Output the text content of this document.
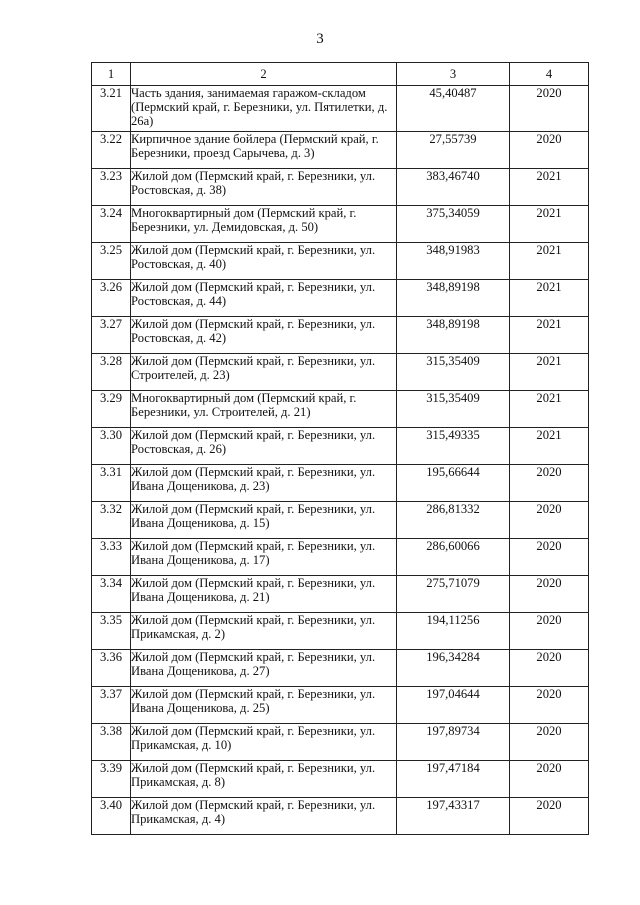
3
1	2	3	4
3.21	Часть здания, занимаемая гаражом-складом (Пермский край, г. Березники, ул. Пятилетки, д. 26а)	45,40487	2020
3.22	Кирпичное здание бойлера (Пермский край, г. Березники, проезд Сарычева, д. 3)	27,55739	2020
3.23	Жилой дом (Пермский край, г. Березники, ул. Ростовская, д. 38)	383,46740	2021
3.24	Многоквартирный дом (Пермский край, г. Березники, ул. Демидовская, д. 50)	375,34059	2021
3.25	Жилой дом (Пермский край, г. Березники, ул. Ростовская, д. 40)	348,91983	2021
3.26	Жилой дом (Пермский край, г. Березники, ул. Ростовская, д. 44)	348,89198	2021
3.27	Жилой дом (Пермский край, г. Березники, ул. Ростовская, д. 42)	348,89198	2021
3.28	Жилой дом (Пермский край, г. Березники, ул. Строителей, д. 23)	315,35409	2021
3.29	Многоквартирный дом (Пермский край, г. Березники, ул. Строителей, д. 21)	315,35409	2021
3.30	Жилой дом (Пермский край, г. Березники, ул. Ростовская, д. 26)	315,49335	2021
3.31	Жилой дом (Пермский край, г. Березники, ул. Ивана Дощеникова, д. 23)	195,66644	2020
3.32	Жилой дом (Пермский край, г. Березники, ул. Ивана Дощеникова, д. 15)	286,81332	2020
3.33	Жилой дом (Пермский край, г. Березники, ул. Ивана Дощеникова, д. 17)	286,60066	2020
3.34	Жилой дом (Пермский край, г. Березники, ул. Ивана Дощеникова, д. 21)	275,71079	2020
3.35	Жилой дом (Пермский край, г. Березники, ул. Прикамская, д. 2)	194,11256	2020
3.36	Жилой дом (Пермский край, г. Березники, ул. Ивана Дощеникова, д. 27)	196,34284	2020
3.37	Жилой дом (Пермский край, г. Березники, ул. Ивана Дощеникова, д. 25)	197,04644	2020
3.38	Жилой дом (Пермский край, г. Березники, ул. Прикамская, д. 10)	197,89734	2020
3.39	Жилой дом (Пермский край, г. Березники, ул. Прикамская, д. 8)	197,47184	2020
3.40	Жилой дом (Пермский край, г. Березники, ул. Прикамская, д. 4)	197,43317	2020
